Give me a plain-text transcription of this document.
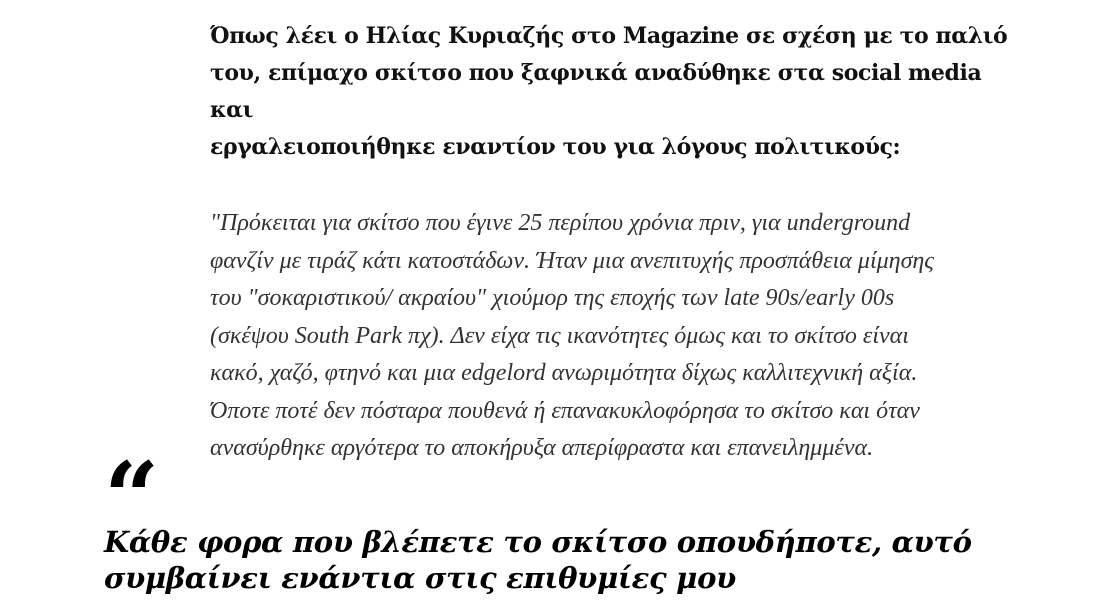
Όπως λέει ο Ηλίας Κυριαζής στο Magazine σε σχέση με το παλιό
του, επίμαχο σκίτσο που ξαφνικά αναδύθηκε στα social media και
εργαλειοποιήθηκε εναντίον του για λόγους πολιτικούς:

"Πρόκειται για σκίτσο που έγινε 25 περίπου χρόνια πριν, για underground
φανζίν με τιράζ κάτι κατοστάδων. Ήταν μια ανεπιτυχής προσπάθεια μίμησης
του "σοκαριστικού/ ακραίου" χιούμορ της εποχής των late 90s/early 00s
(σκέψου South Park πχ). Δεν είχα τις ικανότητες όμως και το σκίτσο είναι
κακό, χαζό, φτηνό και μια edgelord ανωριμότητα δίχως καλλιτεχνική αξία.
Όποτε ποτέ δεν πόσταρα πουθενά ή επανακυκλοφόρησα το σκίτσο και όταν
ανασύρθηκε αργότερα το αποκήρυξα απερίφραστα και επανειλημμένα.

“

Κάθε φορα που βλέπετε το σκίτσο οπουδήποτε, αυτό
συμβαίνει ενάντια στις επιθυμίες μου
